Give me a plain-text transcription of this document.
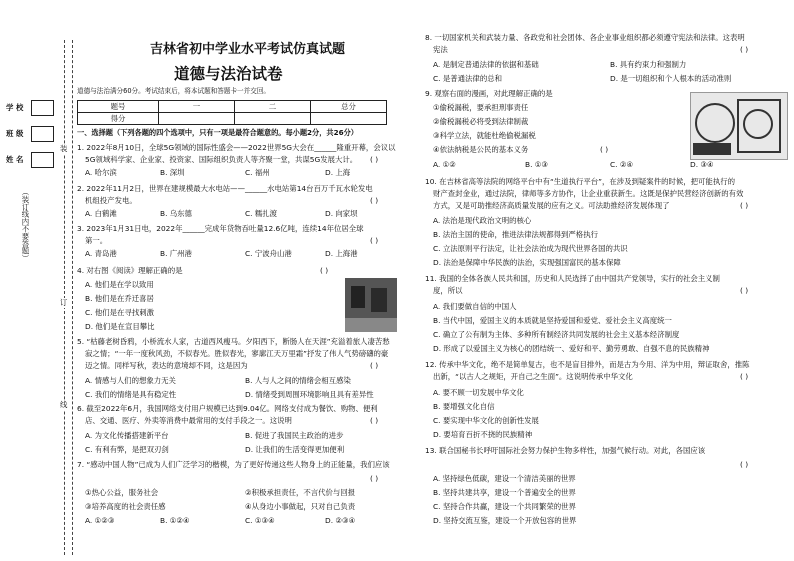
学 校
班 级
姓 名
（装订线内不要答题）
装
订
线
吉林省初中学业水平考试仿真试题
道德与法治试卷
道德与法治满分60分。考试结束后，将本试题和答题卡一并交回。
题号	一	二	总分
得分			
一、选择题（下列各题的四个选项中，只有一项是最符合题意的。每小题2分，共26分）
1. 2022年8月10日，全球5G领域的国际性盛会——2022世界5G大会在______隆重开幕，会议以
5G领域科学家、企业家、投资家、国际组织负责人等齐聚一堂，共谋5G发展大计。 ( )
A. 哈尔滨	B. 深圳	C. 福州	D. 上海
2. 2022年11月2日，世界在建规模最大水电站——______水电站第14台百万千瓦水轮发电
机组投产发电。	( )
A. 白鹤滩	B. 乌东德	C. 糯扎渡	D. 向家坝
3. 2023年1月31日电，2022年______完成年货物吞吐量12.6亿吨，连续14年位居全球
第一。	( )
A. 青岛港	B. 广州港	C. 宁波舟山港	D. 上海港
4. 对右图《阅读》理解正确的是	( )
A. 他们是在学以致用
B. 他们是在乔迁喜居
C. 他们是在寻找刺激
D. 他们是在宣目攀比
5. “枯藤老树昏鸦，小桥流水人家，古道西风瘦马。夕阳西下，断肠人在天涯”充溢着旅人凄苦愁
寂之情；“一年一度秋风劲，不似春光。胜似春光，寥廓江天万里霜”抒发了伟人气势磅礴的豪
迈之情。同样写秋，表达的意境却不同，这是因为	( )
A. 情感与人们的想象力无关	B. 人与人之间的情绪会相互感染
C. 我们的情绪是具有稳定性	D. 情绪受到周围环境影响且具有差异性
6. 截至2022年6月，我国网络支付用户规模已达到9.04亿。网络支付成为餐饮、购物、便利
店、交通、医疗、外卖等消费中最常用的支付手段之一。这说明	( )
A. 为文化传播搭建新平台	B. 促进了我国民主政治的进步
C. 有利有弊，是把双刃剑	D. 让我们的生活变得更加便利
7. “感动中国人物”已成为人们广泛学习的楷模，为了更好传递这些人物身上的正能量，我们应该
( )
①热心公益，服务社会	②积极承担责任，不言代价与回报
③培养高度的社会责任感	④从身边小事做起，只对自己负责
A. ①②③	B. ①②④	C. ①③④	D. ②③④
8. 一切国家机关和武装力量、各政党和社会团体、各企业事业组织都必须遵守宪法和法律。这表明
宪法	( )
A. 是制定普通法律的依据和基础	B. 具有约束力和强制力
C. 是普通法律的总和	D. 是一切组织和个人根本的活动准则
9. 观察右面的漫画，对此理解正确的是
①偷税漏税，要承担刑事责任
②偷税漏税必将受到法律制裁
③科学立法，就能杜绝偷税漏税
④依法纳税是公民的基本义务	( )
A. ①②	B. ①③	C. ②④	D. ③④
10. 在吉林省高等法院的网络平台中有“生道执行平台”，在涉及到疑案件的时候，把可能执行的
财产查封金业，通过法院，律师等多方协作，让企业重获新生。这既是保护民营经济创新的有效
方式，又是可助推经济高质量发展的应有之义。可法助推经济发展体现了	( )
A. 法治是现代政治文明的核心
B. 法治主国的使命，推进法律法规都得到严格执行
C. 立法原则平行法定，让社会法治成为现代世界各国的共识
D. 法治是保障中华民族的法治，实现强国富民的基本保障
11. 我国的全体各族人民共和国，历史和人民选择了由中国共产党领导，实行的社会主义制
度，所以	( )
A. 我们要做自信的中国人
B. 当代中国，爱国主义的本质就是坚持爱国和爱党、爱社会主义高度统一
C. 确立了公有制为主体、多种所有制经济共同发展的社会主义基本经济制度
D. 形成了以爱国主义为核心的团结统一、爱好和平、勤劳勇敢、自强不息的民族精神
12. 传承中华文化，绝不是简单复古，也不是盲目排外，而是古为今用、洋为中用，辩证取舍，推陈
出新，“以古人之规矩，开自己之生面”。这说明传承中华文化	( )
A. 要不顾一切发展中华文化
B. 要增强文化自信
C. 要实现中华文化的创新性发展
D. 要培育百折不挠的民族精神
13. 联合国秘书长呼吁国际社会努力保护生物多样性，加强气候行动。对此，各国应该
( )
A. 坚持绿色低碳，建设一个清洁美丽的世界
B. 坚持共建共享，建设一个普遍安全的世界
C. 坚持合作共赢，建设一个共同繁荣的世界
D. 坚持交流互鉴，建设一个开放包容的世界
